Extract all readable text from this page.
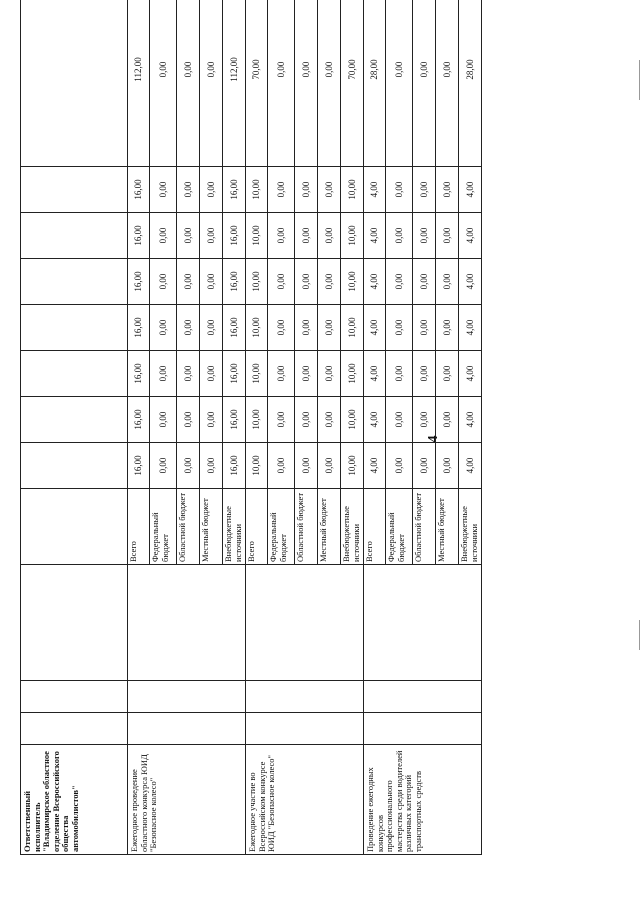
4
Ответственный исполнитель "Владимирское областное отделение Всероссийского общества автомобилистов"												
Ежегодное проведение областного конкурса ЮИД "Безопасное колесо"				Всего	16,00	16,00	16,00	16,00	16,00	16,00	16,00	112,00
				Федеральный бюджет	0,00	0,00	0,00	0,00	0,00	0,00	0,00	0,00
				Областной бюджет	0,00	0,00	0,00	0,00	0,00	0,00	0,00	0,00
				Местный бюджет	0,00	0,00	0,00	0,00	0,00	0,00	0,00	0,00
				Внебюджетные источники	16,00	16,00	16,00	16,00	16,00	16,00	16,00	112,00
Ежегодное участие во Всероссийском конкурсе ЮИД "Безопасное колесо"				Всего	10,00	10,00	10,00	10,00	10,00	10,00	10,00	70,00
				Федеральный бюджет	0,00	0,00	0,00	0,00	0,00	0,00	0,00	0,00
				Областной бюджет	0,00	0,00	0,00	0,00	0,00	0,00	0,00	0,00
				Местный бюджет	0,00	0,00	0,00	0,00	0,00	0,00	0,00	0,00
				Внебюджетные источники	10,00	10,00	10,00	10,00	10,00	10,00	10,00	70,00
Проведение ежегодных конкурсов профессионального мастерства среди водителей различных категорий транспортных средств				Всего	4,00	4,00	4,00	4,00	4,00	4,00	4,00	28,00
				Федеральный бюджет	0,00	0,00	0,00	0,00	0,00	0,00	0,00	0,00
				Областной бюджет	0,00	0,00	0,00	0,00	0,00	0,00	0,00	0,00
				Местный бюджет	0,00	0,00	0,00	0,00	0,00	0,00	0,00	0,00
				Внебюджетные источники	4,00	4,00	4,00	4,00	4,00	4,00	4,00	28,00
